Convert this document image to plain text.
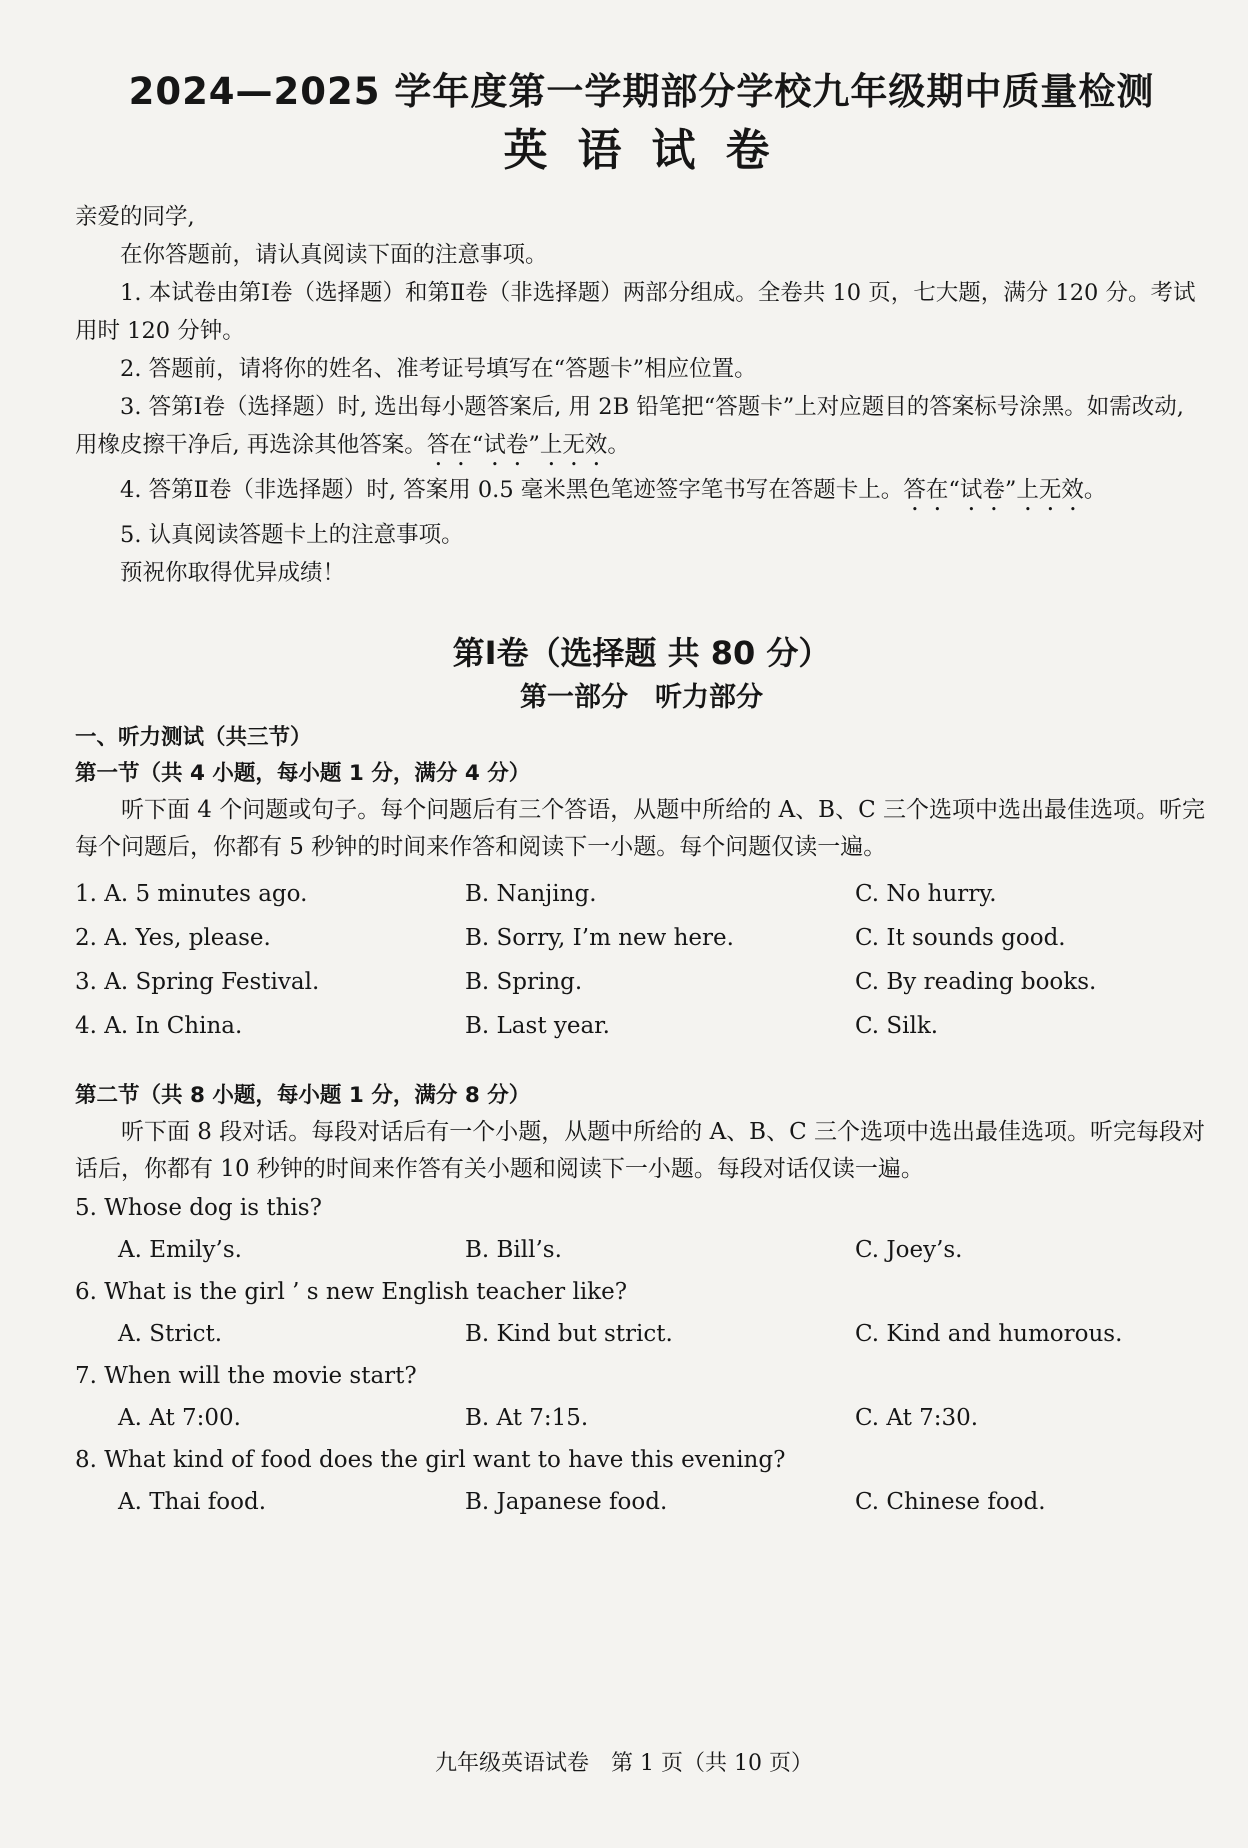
2024—2025 学年度第一学期部分学校九年级期中质量检测
英语试卷

亲爱的同学,

在你答题前，请认真阅读下面的注意事项。

1. 本试卷由第Ⅰ卷（选择题）和第Ⅱ卷（非选择题）两部分组成。全卷共 10 页，七大题，满分 120 分。考试用时 120 分钟。

2. 答题前，请将你的姓名、准考证号填写在“答题卡”相应位置。

3. 答第Ⅰ卷（选择题）时, 选出每小题答案后, 用 2B 铅笔把“答题卡”上对应题目的答案标号涂黑。如需改动, 用橡皮擦干净后, 再选涂其他答案。答在“试卷”上无效。

4. 答第Ⅱ卷（非选择题）时, 答案用 0.5 毫米黑色笔迹签字笔书写在答题卡上。答在“试卷”上无效。

5. 认真阅读答题卡上的注意事项。

预祝你取得优异成绩！

第Ⅰ卷（选择题 共 80 分）
第一部分　听力部分
一、听力测试（共三节）
第一节（共 4 小题，每小题 1 分，满分 4 分）

听下面 4 个问题或句子。每个问题后有三个答语，从题中所给的 A、B、C 三个选项中选出最佳选项。听完每个问题后，你都有 5 秒钟的时间来作答和阅读下一小题。每个问题仅读一遍。

1. A. 5 minutes ago.	B. Nanjing.	C. No hurry.
2. A. Yes, please.	B. Sorry, I’m new here.	C. It sounds good.
3. A. Spring Festival.	B. Spring.	C. By reading books.
4. A. In China.	B. Last year.	C. Silk.
第二节（共 8 小题，每小题 1 分，满分 8 分）

听下面 8 段对话。每段对话后有一个小题，从题中所给的 A、B、C 三个选项中选出最佳选项。听完每段对话后，你都有 10 秒钟的时间来作答有关小题和阅读下一小题。每段对话仅读一遍。

5. Whose dog is this?

A. Emily’s.	B. Bill’s.	C. Joey’s.

6. What is the girl ’ s new English teacher like?

A. Strict.	B. Kind but strict.	C. Kind and humorous.

7. When will the movie start?

A. At 7:00.	B. At 7:15.	C. At 7:30.

8. What kind of food does the girl want to have this evening?

A. Thai food.	B. Japanese food.	C. Chinese food.
九年级英语试卷　第 1 页（共 10 页）
